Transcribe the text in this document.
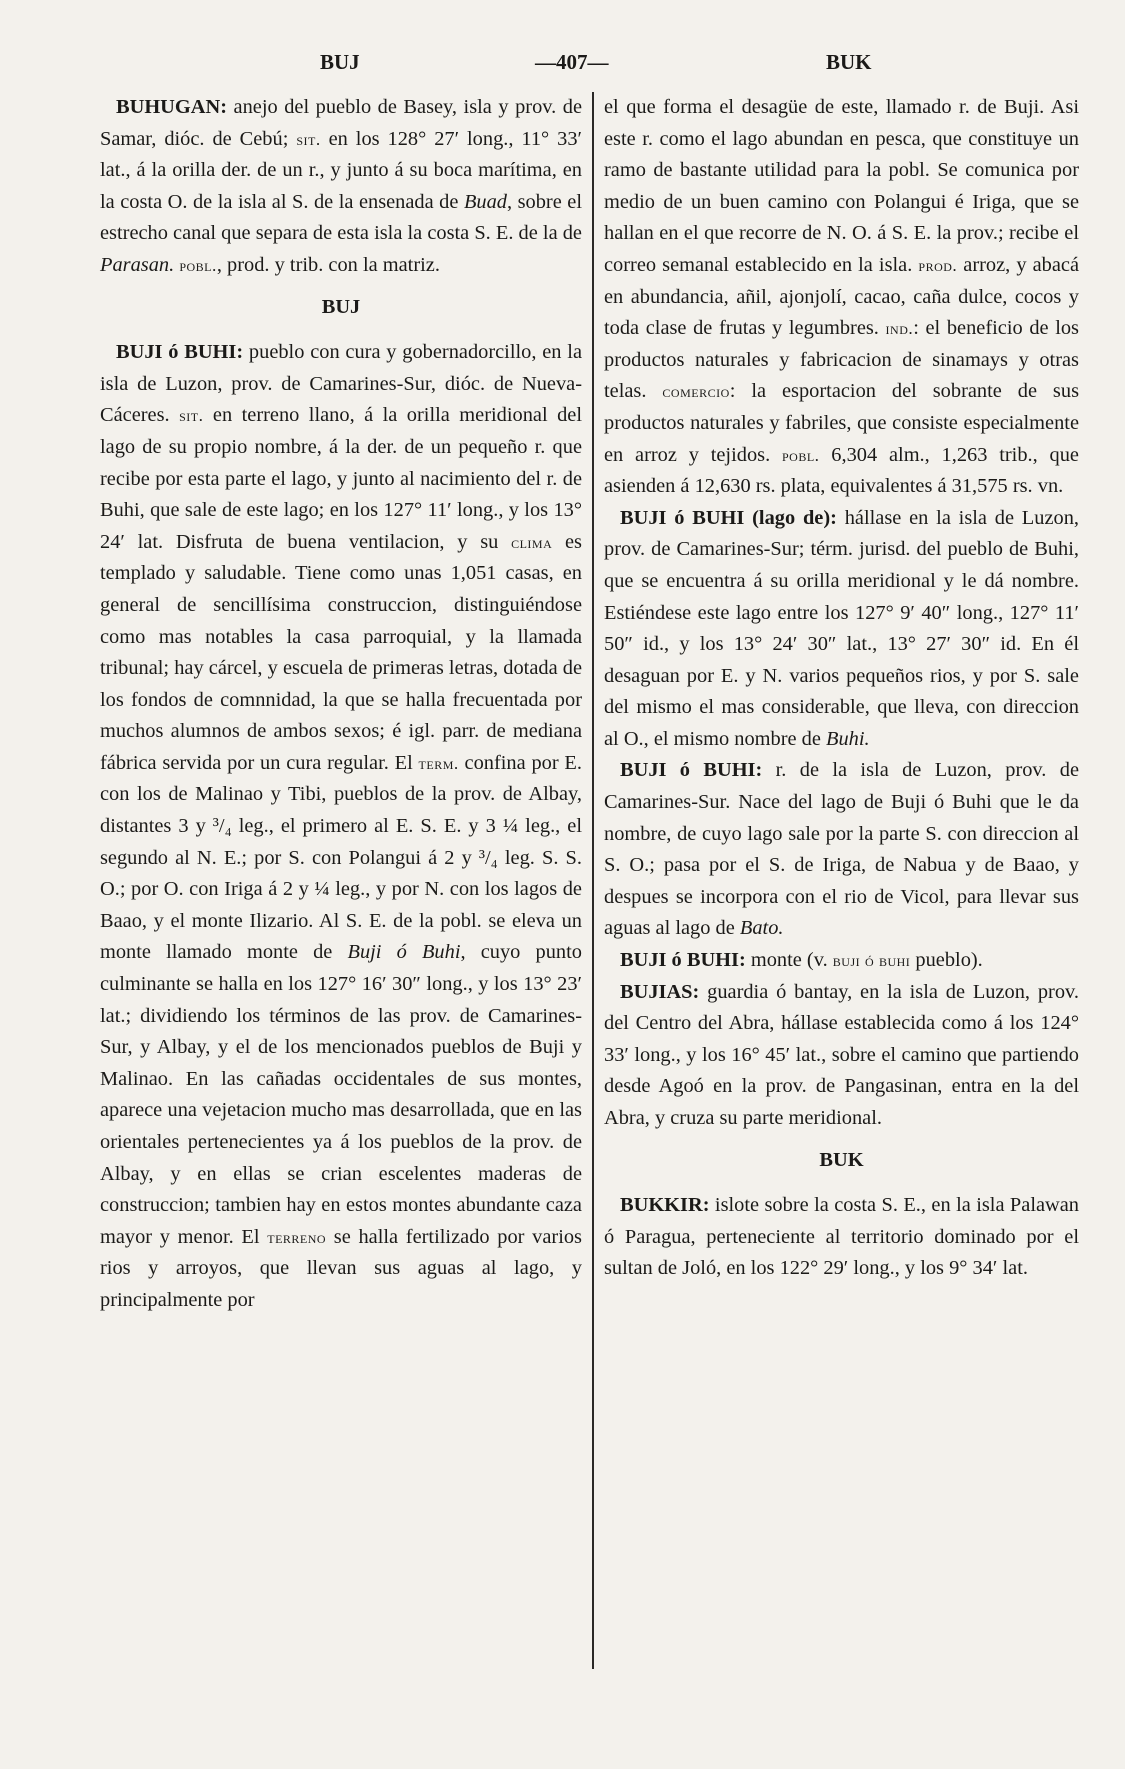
BUJ	—407—	BUK

BUHUGAN: anejo del pueblo de Basey, isla y prov. de Samar, dióc. de Cebú; sit. en los 128° 27′ long., 11° 33′ lat., á la orilla der. de un r., y junto á su boca marítima, en la costa O. de la isla al S. de la ensenada de Buad, sobre el estrecho canal que separa de esta isla la costa S. E. de la de Parasan. pobl., prod. y trib. con la matriz.

BUJ

BUJI ó BUHI: pueblo con cura y gobernadorcillo, en la isla de Luzon, prov. de Camarines-Sur, dióc. de Nueva-Cáceres. sit. en terreno llano, á la orilla meridional del lago de su propio nombre, á la der. de un pequeño r. que recibe por esta parte el lago, y junto al nacimiento del r. de Buhi, que sale de este lago; en los 127° 11′ long., y los 13° 24′ lat. Disfruta de buena ventilacion, y su clima es templado y saludable. Tiene como unas 1,051 casas, en general de sencillísima construccion, distinguiéndose como mas notables la casa parroquial, y la llamada tribunal; hay cárcel, y escuela de primeras letras, dotada de los fondos de comnnidad, la que se halla frecuentada por muchos alumnos de ambos sexos; é igl. parr. de mediana fábrica servida por un cura regular. El term. confina por E. con los de Malinao y Tibi, pueblos de la prov. de Albay, distantes 3 y ³/₄ leg., el primero al E. S. E. y 3 ¼ leg., el segundo al N. E.; por S. con Polangui á 2 y ³/₄ leg. S. S. O.; por O. con Iriga á 2 y ¼ leg., y por N. con los lagos de Baao, y el monte Ilizario. Al S. E. de la pobl. se eleva un monte llamado monte de Buji ó Buhi, cuyo punto culminante se halla en los 127° 16′ 30″ long., y los 13° 23′ lat.; dividiendo los términos de las prov. de Camarines-Sur, y Albay, y el de los mencionados pueblos de Buji y Malinao. En las cañadas occidentales de sus montes, aparece una vejetacion mucho mas desarrollada, que en las orientales pertenecientes ya á los pueblos de la prov. de Albay, y en ellas se crian escelentes maderas de construccion; tambien hay en estos montes abundante caza mayor y menor. El terreno se halla fertilizado por varios rios y arroyos, que llevan sus aguas al lago, y principalmente por

el que forma el desagüe de este, llamado r. de Buji. Asi este r. como el lago abundan en pesca, que constituye un ramo de bastante utilidad para la pobl. Se comunica por medio de un buen camino con Polangui é Iriga, que se hallan en el que recorre de N. O. á S. E. la prov.; recibe el correo semanal establecido en la isla. prod. arroz, y abacá en abundancia, añil, ajonjolí, cacao, caña dulce, cocos y toda clase de frutas y legumbres. ind.: el beneficio de los productos naturales y fabricacion de sinamays y otras telas. comercio: la esportacion del sobrante de sus productos naturales y fabriles, que consiste especialmente en arroz y tejidos. pobl. 6,304 alm., 1,263 trib., que asienden á 12,630 rs. plata, equivalentes á 31,575 rs. vn.

BUJI ó BUHI (lago de): hállase en la isla de Luzon, prov. de Camarines-Sur; térm. jurisd. del pueblo de Buhi, que se encuentra á su orilla meridional y le dá nombre. Estiéndese este lago entre los 127° 9′ 40″ long., 127° 11′ 50″ id., y los 13° 24′ 30″ lat., 13° 27′ 30″ id. En él desaguan por E. y N. varios pequeños rios, y por S. sale del mismo el mas considerable, que lleva, con direccion al O., el mismo nombre de Buhi.

BUJI ó BUHI: r. de la isla de Luzon, prov. de Camarines-Sur. Nace del lago de Buji ó Buhi que le da nombre, de cuyo lago sale por la parte S. con direccion al S. O.; pasa por el S. de Iriga, de Nabua y de Baao, y despues se incorpora con el rio de Vicol, para llevar sus aguas al lago de Bato.

BUJI ó BUHI: monte (v. buji ó buhi pueblo).

BUJIAS: guardia ó bantay, en la isla de Luzon, prov. del Centro del Abra, hállase establecida como á los 124° 33′ long., y los 16° 45′ lat., sobre el camino que partiendo desde Agoó en la prov. de Pangasinan, entra en la del Abra, y cruza su parte meridional.

BUK

BUKKIR: islote sobre la costa S. E., en la isla Palawan ó Paragua, perteneciente al territorio dominado por el sultan de Joló, en los 122° 29′ long., y los 9° 34′ lat.
